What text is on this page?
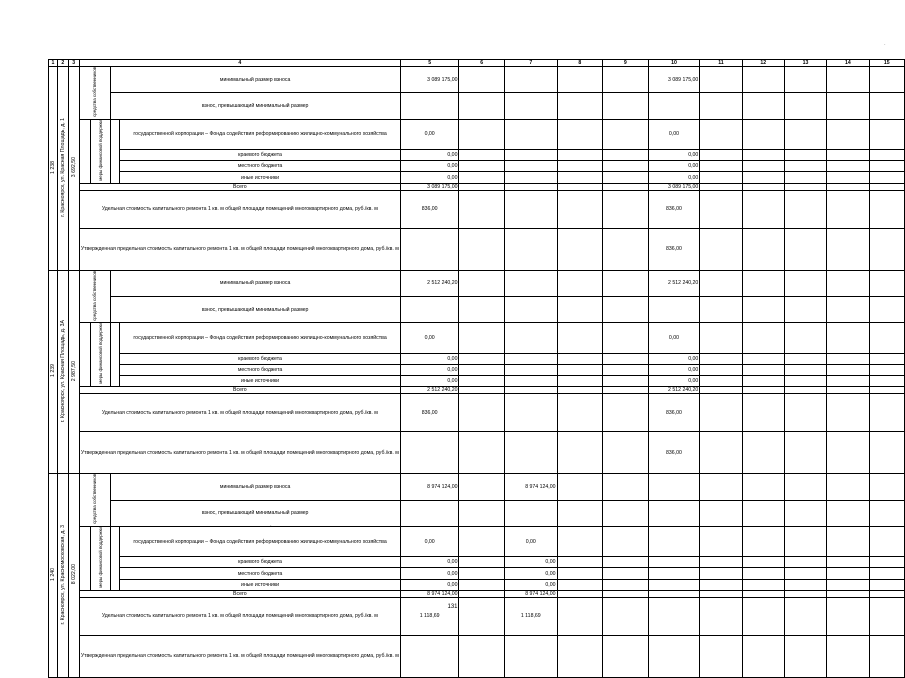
1	2	3	4				5	6	7	8	9	10	11	12	13	14	15
1 238	г. Красноярск, ул. Красная Площадь, д. 1	3 692,50	средства собственников		минимальный размер взноса		3 089 175,00					3 089 175,00					
					взнос, превышающий минимальный размер												
				меры финансовой поддержки		государственной корпорации – Фонда содействия реформированию жилищно-коммунального хозяйства	0,00					0,00					
						краевого бюджета	0,00					0,00					
						местного бюджета	0,00					0,00					
						иные источники	0,00					0,00					
			Всего				3 089 175,00					3 089 175,00					
			Удельная стоимость капитального ремонта 1 кв. м общей площади помещений многоквартирного дома, руб./кв. м				836,00					836,00					
			Утвержденная предельная стоимость капитального ремонта 1 кв. м общей площади помещений многоквартирного дома, руб./кв. м									836,00					
1 239	г. Красноярск, ул. Красная Площадь, д. 3А	2 987,50	средства собственников		минимальный размер взноса		2 512 240,20					2 512 240,20					
					взнос, превышающий минимальный размер												
				меры финансовой поддержки		государственной корпорации – Фонда содействия реформированию жилищно-коммунального хозяйства	0,00					0,00					
						краевого бюджета	0,00					0,00					
						местного бюджета	0,00					0,00					
						иные источники	0,00					0,00					
			Всего				2 512 240,20					2 512 240,20					
			Удельная стоимость капитального ремонта 1 кв. м общей площади помещений многоквартирного дома, руб./кв. м				836,00					836,00					
			Утвержденная предельная стоимость капитального ремонта 1 кв. м общей площади помещений многоквартирного дома, руб./кв. м									836,00					
1 240	г. Красноярск, ул. Красномосковская, д. 3	8 022,00	средства собственников		минимальный размер взноса		8 974 124,00		8 974 124,00								
					взнос, превышающий минимальный размер												
				меры финансовой поддержки		государственной корпорации – Фонда содействия реформированию жилищно-коммунального хозяйства	0,00		0,00								
						краевого бюджета	0,00		0,00								
						местного бюджета	0,00		0,00								
						иные источники	0,00		0,00								
			Всего				8 974 124,00		8 974 124,00								
			Удельная стоимость капитального ремонта 1 кв. м общей площади помещений многоквартирного дома, руб./кв. м				1 118,69		1 118,69								
			Утвержденная предельная стоимость капитального ремонта 1 кв. м общей площади помещений многоквартирного дома, руб./кв. м														
·
·
131
